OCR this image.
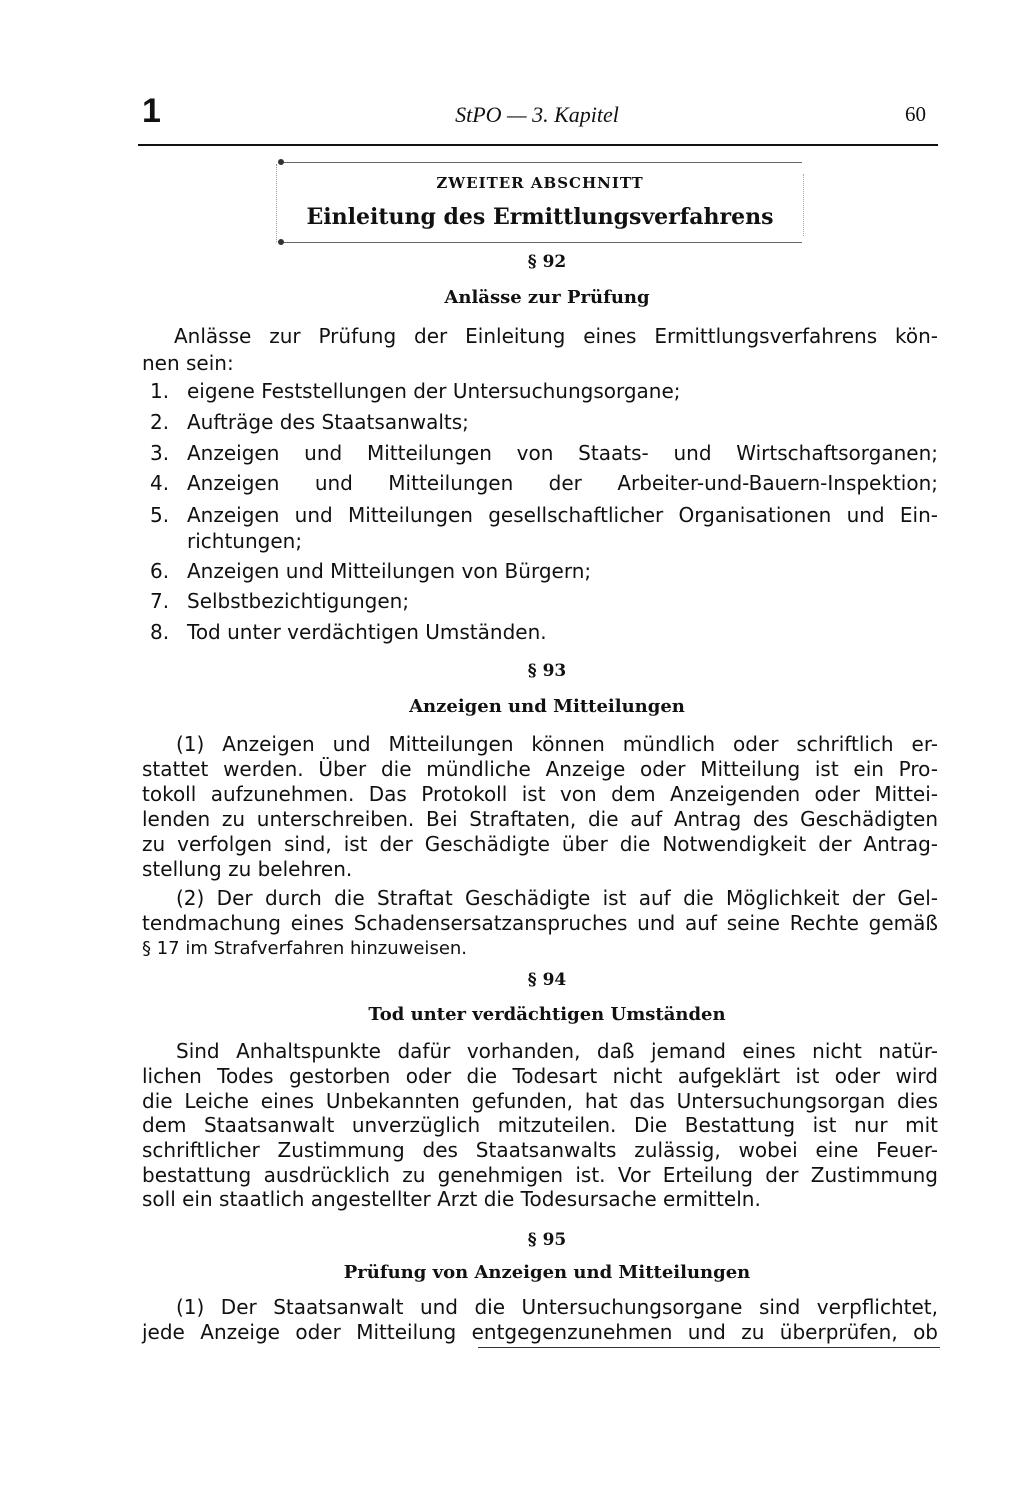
1	StPO — 3. Kapitel	60
ZWEITER ABSCHNITT
Einleitung des Ermittlungsverfahrens
§ 92
Anlässe zur Prüfung
Anlässe zur Prüfung der Einleitung eines Ermittlungsverfahrens kön-
nen sein:
1. eigene Feststellungen der Untersuchungsorgane;
2. Aufträge des Staatsanwalts;
3. Anzeigen und Mitteilungen von Staats- und Wirtschaftsorganen;
4. Anzeigen und Mitteilungen der Arbeiter-und-Bauern-Inspektion;
5. Anzeigen und Mitteilungen gesellschaftlicher Organisationen und Ein-
richtungen;
6. Anzeigen und Mitteilungen von Bürgern;
7. Selbstbezichtigungen;
8. Tod unter verdächtigen Umständen.
§ 93
Anzeigen und Mitteilungen
(1) Anzeigen und Mitteilungen können mündlich oder schriftlich er-
stattet werden. Über die mündliche Anzeige oder Mitteilung ist ein Pro-
tokoll aufzunehmen. Das Protokoll ist von dem Anzeigenden oder Mittei-
lenden zu unterschreiben. Bei Straftaten, die auf Antrag des Geschädigten
zu verfolgen sind, ist der Geschädigte über die Notwendigkeit der Antrag-
stellung zu belehren.
(2) Der durch die Straftat Geschädigte ist auf die Möglichkeit der Gel-
tendmachung eines Schadensersatzanspruches und auf seine Rechte gemäß
§ 17 im Strafverfahren hinzuweisen.
§ 94
Tod unter verdächtigen Umständen
Sind Anhaltspunkte dafür vorhanden, daß jemand eines nicht natür-
lichen Todes gestorben oder die Todesart nicht aufgeklärt ist oder wird
die Leiche eines Unbekannten gefunden, hat das Untersuchungsorgan dies
dem Staatsanwalt unverzüglich mitzuteilen. Die Bestattung ist nur mit
schriftlicher Zustimmung des Staatsanwalts zulässig, wobei eine Feuer-
bestattung ausdrücklich zu genehmigen ist. Vor Erteilung der Zustimmung
soll ein staatlich angestellter Arzt die Todesursache ermitteln.
§ 95
Prüfung von Anzeigen und Mitteilungen
(1) Der Staatsanwalt und die Untersuchungsorgane sind verpflichtet,
jede Anzeige oder Mitteilung entgegenzunehmen und zu überprüfen, ob
